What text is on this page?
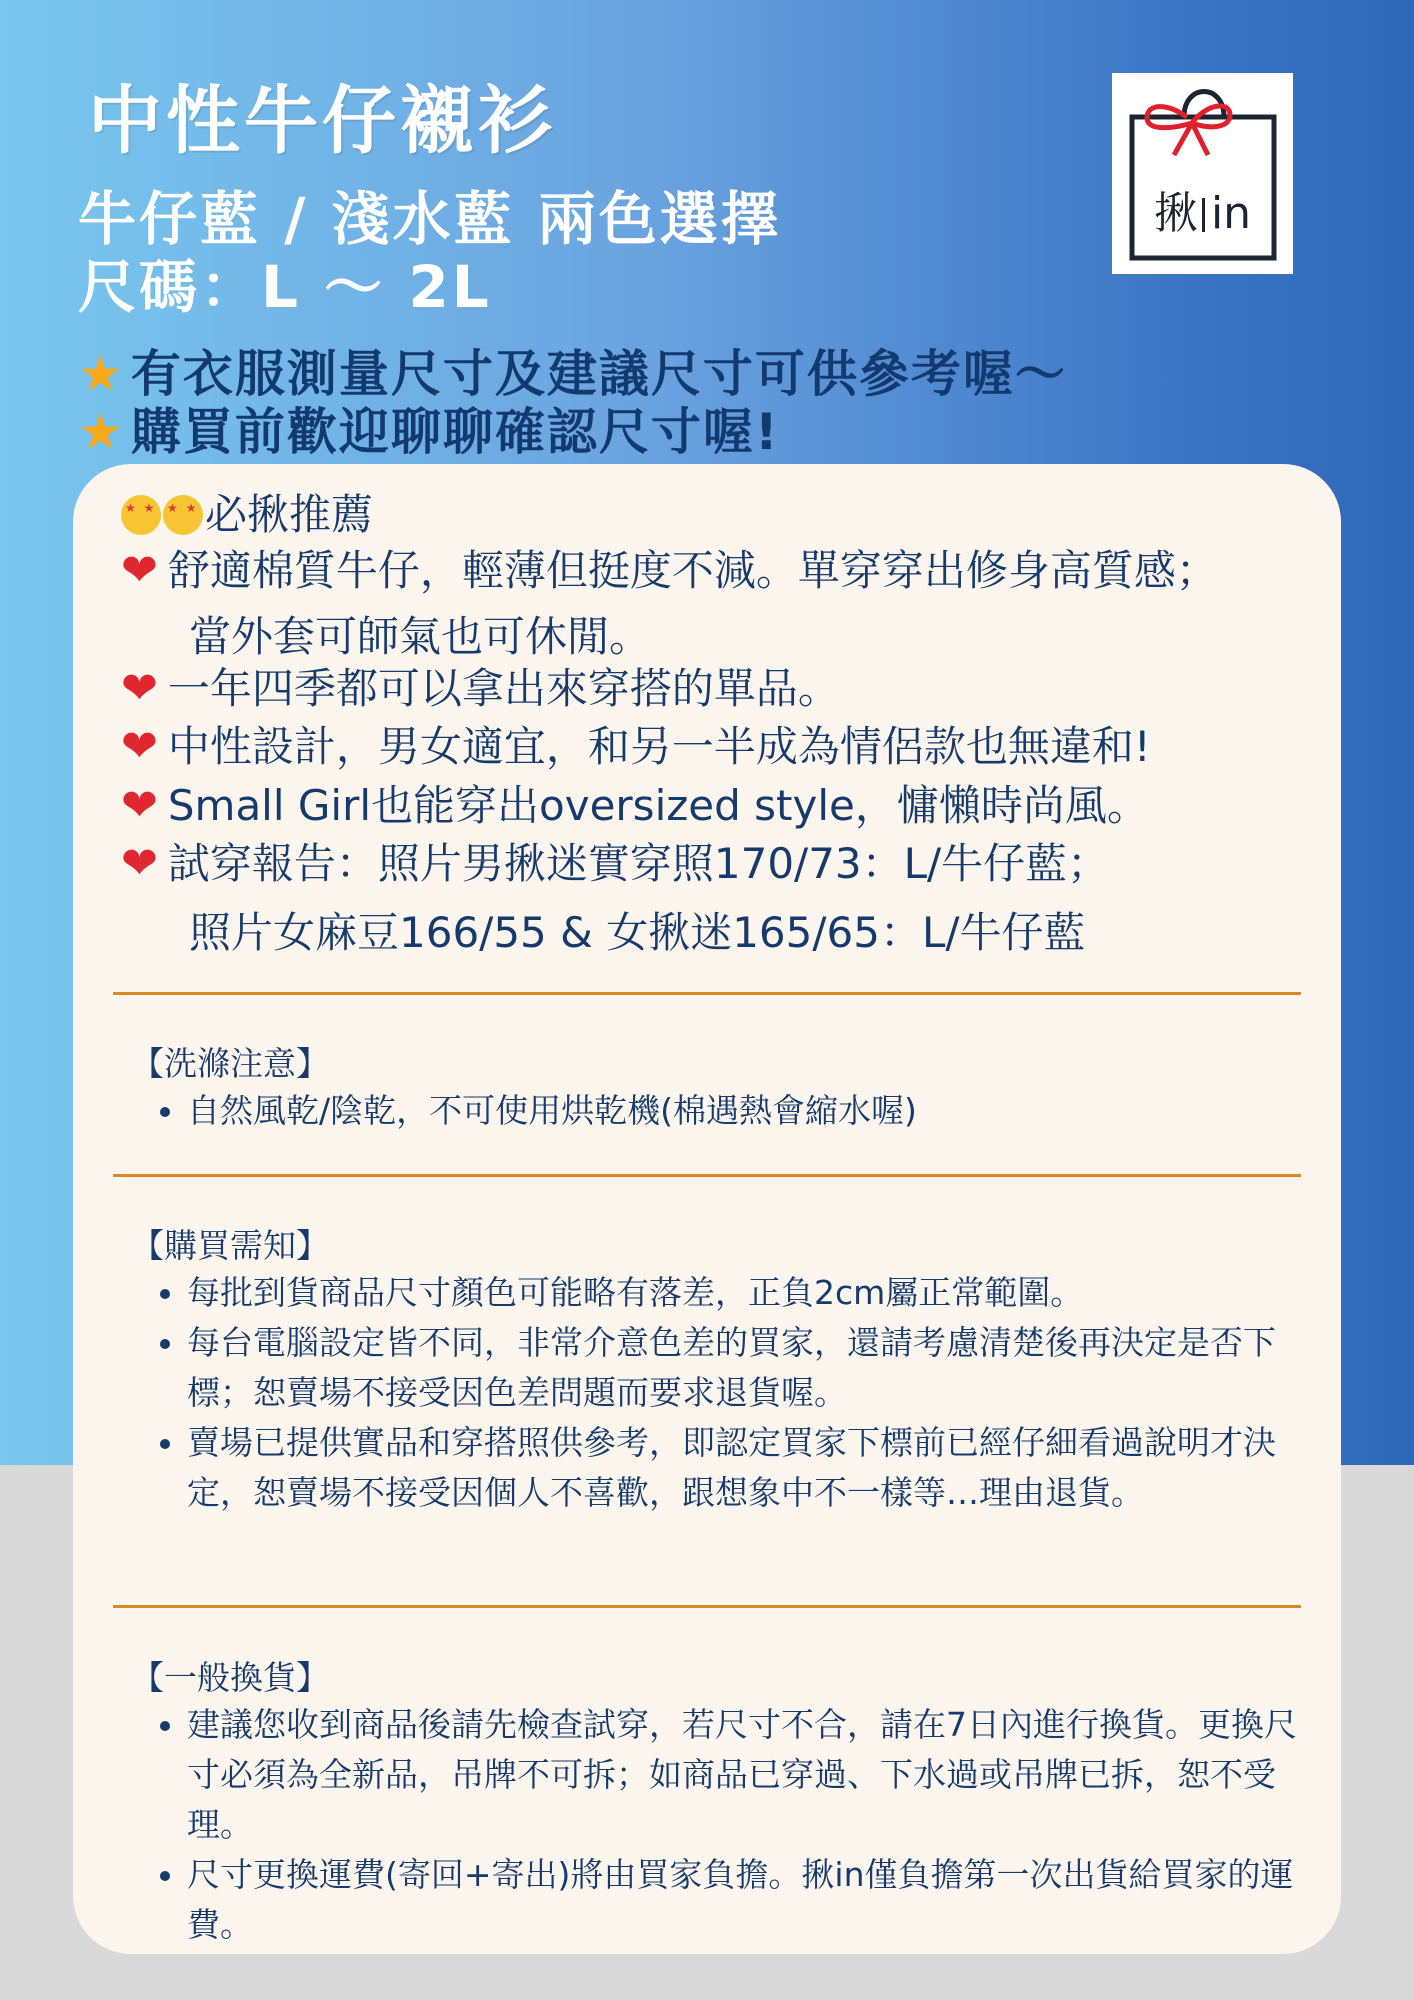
中性牛仔襯衫

牛仔藍 / 淺水藍 兩色選擇

尺碼：L ～ 2L

★ 有衣服測量尺寸及建議尺寸可供參考喔～

★ 購買前歡迎聊聊確認尺寸喔!

揪 in
★ ★★ ★必揪推薦
❤ 舒適棉質牛仔，輕薄但挺度不減。單穿穿出修身高質感；
當外套可師氣也可休閒。
❤ 一年四季都可以拿出來穿搭的單品。
❤ 中性設計，男女適宜，和另一半成為情侶款也無違和!
❤ Small Girl也能穿出oversized style，慵懶時尚風。
❤ 試穿報告：照片男揪迷實穿照170/73：L/牛仔藍；
照片女麻豆166/55 & 女揪迷165/65：L/牛仔藍
【洗滌注意】
• 自然風乾/陰乾，不可使用烘乾機(棉遇熱會縮水喔)
【購買需知】
• 每批到貨商品尺寸顏色可能略有落差，正負2cm屬正常範圍。
• 每台電腦設定皆不同，非常介意色差的買家，還請考慮清楚後再決定是否下標；恕賣場不接受因色差問題而要求退貨喔。
• 賣場已提供實品和穿搭照供參考，即認定買家下標前已經仔細看過說明才決定，恕賣場不接受因個人不喜歡，跟想象中不一樣等…理由退貨。
【一般換貨】
• 建議您收到商品後請先檢查試穿，若尺寸不合，請在7日內進行換貨。更換尺寸必須為全新品，吊牌不可拆；如商品已穿過、下水過或吊牌已拆，恕不受理。
• 尺寸更換運費(寄回+寄出)將由買家負擔。揪in僅負擔第一次出貨給買家的運費。
